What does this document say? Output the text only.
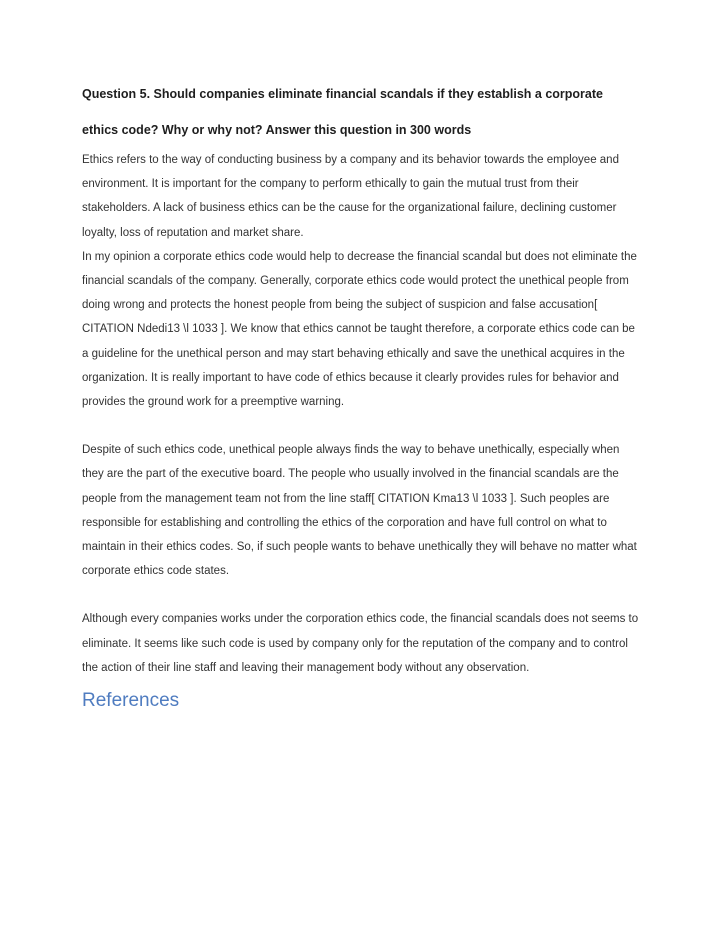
Question 5. Should companies eliminate financial scandals if they establish a corporate ethics code? Why or why not? Answer this question in 300 words

Ethics refers to the way of conducting business by a company and its behavior towards the employee and environment. It is important for the company to perform ethically to gain the mutual trust from their stakeholders. A lack of business ethics can be the cause for the organizational failure, declining customer loyalty, loss of reputation and market share.

In my opinion a corporate ethics code would help to decrease the financial scandal but does not eliminate the financial scandals of the company. Generally, corporate ethics code would protect the unethical people from doing wrong and protects the honest people from being the subject of suspicion and false accusation[ CITATION Ndedi13 \l 1033 ]. We know that ethics cannot be taught therefore, a corporate ethics code can be a guideline for the unethical person and may start behaving ethically and save the unethical acquires in the organization. It is really important to have code of ethics because it clearly provides rules for behavior and provides the ground work for a preemptive warning.

Despite of such ethics code, unethical people always finds the way to behave unethically, especially when they are the part of the executive board. The people who usually involved in the financial scandals are the people from the management team not from the line staff[ CITATION Kma13 \l 1033 ]. Such peoples are responsible for establishing and controlling the ethics of the corporation and have full control on what to maintain in their ethics codes. So, if such people wants to behave unethically they will behave no matter what corporate ethics code states.

Although every companies works under the corporation ethics code, the financial scandals does not seems to eliminate. It seems like such code is used by company only for the reputation of the company and to control the action of their line staff and leaving their management body without any observation.

References
